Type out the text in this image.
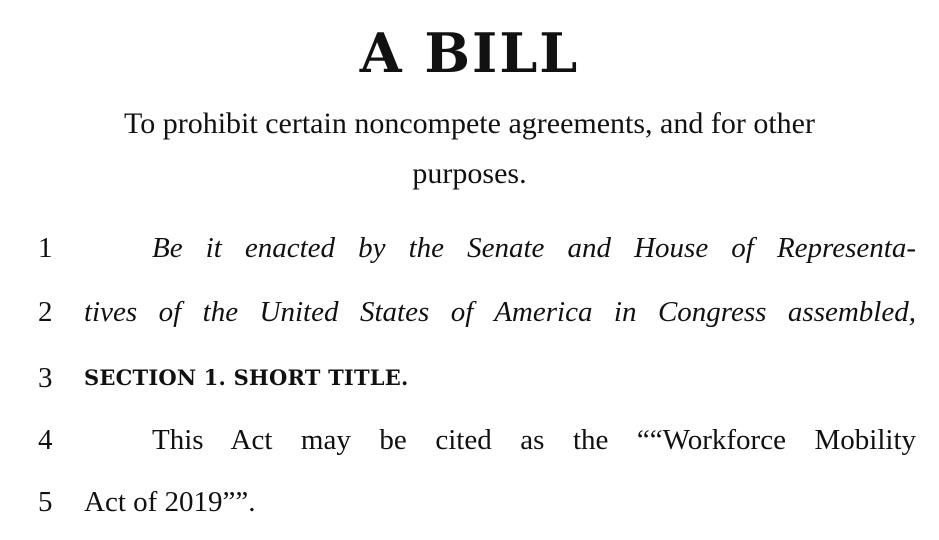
A BILL
To prohibit certain noncompete agreements, and for other
purposes.
1	Be it enacted by the Senate and House of Representa-
2	tives of the United States of America in Congress assembled,
3	SECTION 1. SHORT TITLE.
4	This Act may be cited as the ““Workforce Mobility
5	Act of 2019””.
